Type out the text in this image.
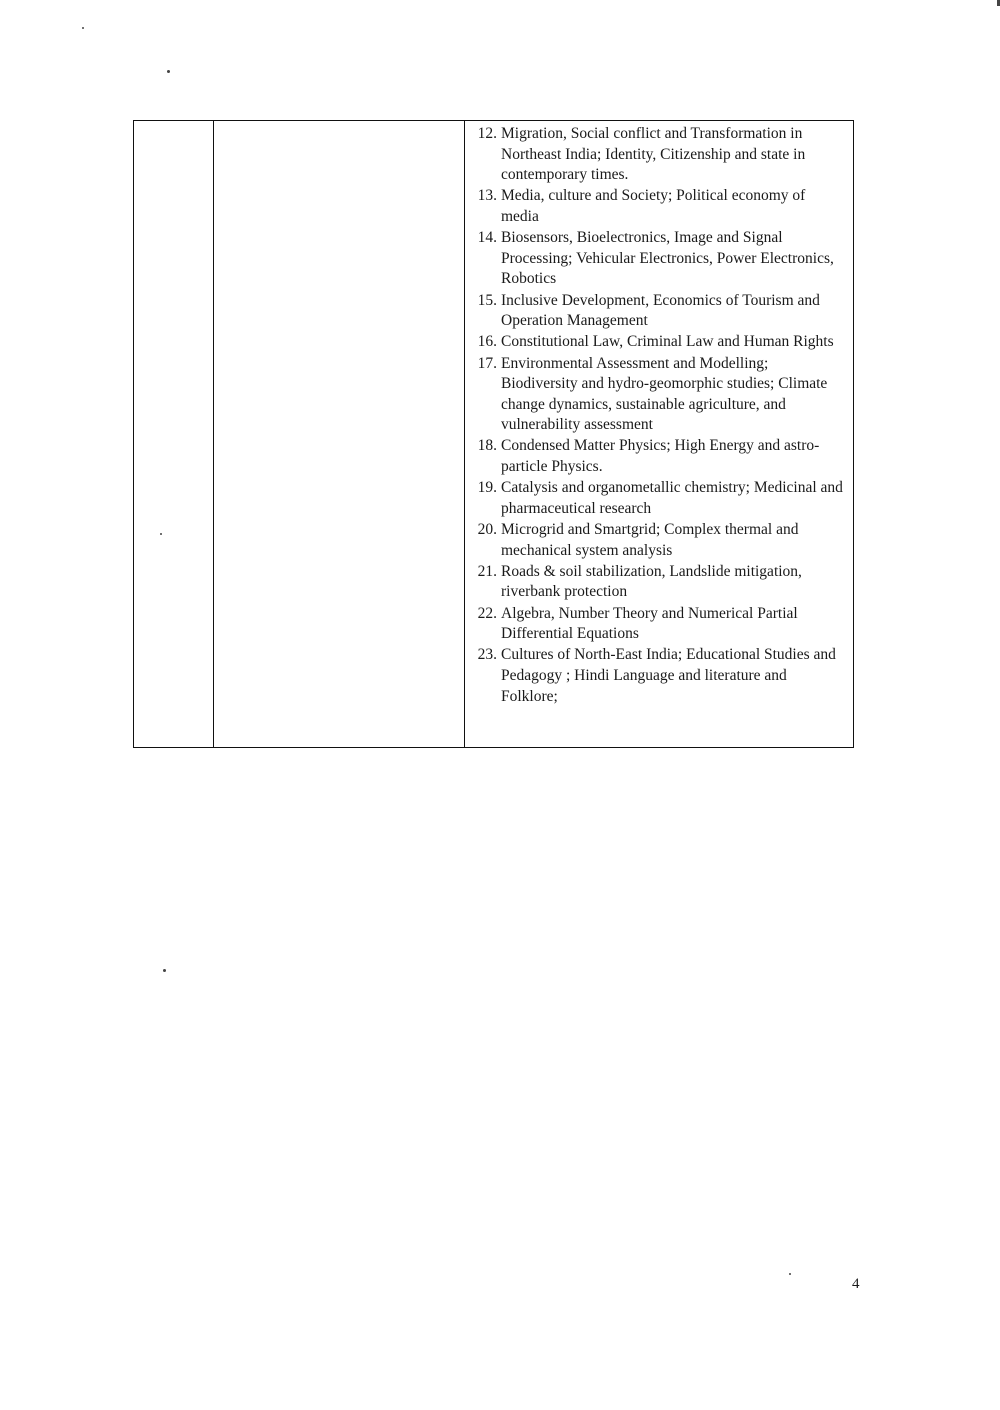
12. Migration, Social conflict and Transformation in Northeast India; Identity, Citizenship and state in contemporary times.
13. Media, culture and Society; Political economy of media
14. Biosensors, Bioelectronics, Image and Signal Processing; Vehicular Electronics, Power Electronics, Robotics
15. Inclusive Development, Economics of Tourism and Operation Management
16. Constitutional Law, Criminal Law and Human Rights
17. Environmental Assessment and Modelling; Biodiversity and hydro-geomorphic studies; Climate change dynamics, sustainable agriculture, and vulnerability assessment
18. Condensed Matter Physics; High Energy and astro-particle Physics.
19. Catalysis and organometallic chemistry; Medicinal and pharmaceutical research
20. Microgrid and Smartgrid; Complex thermal and mechanical system analysis
21. Roads & soil stabilization, Landslide mitigation, riverbank protection
22. Algebra, Number Theory and Numerical Partial Differential Equations
23. Cultures of North-East India; Educational Studies and Pedagogy ; Hindi Language and literature and Folklore;
4
